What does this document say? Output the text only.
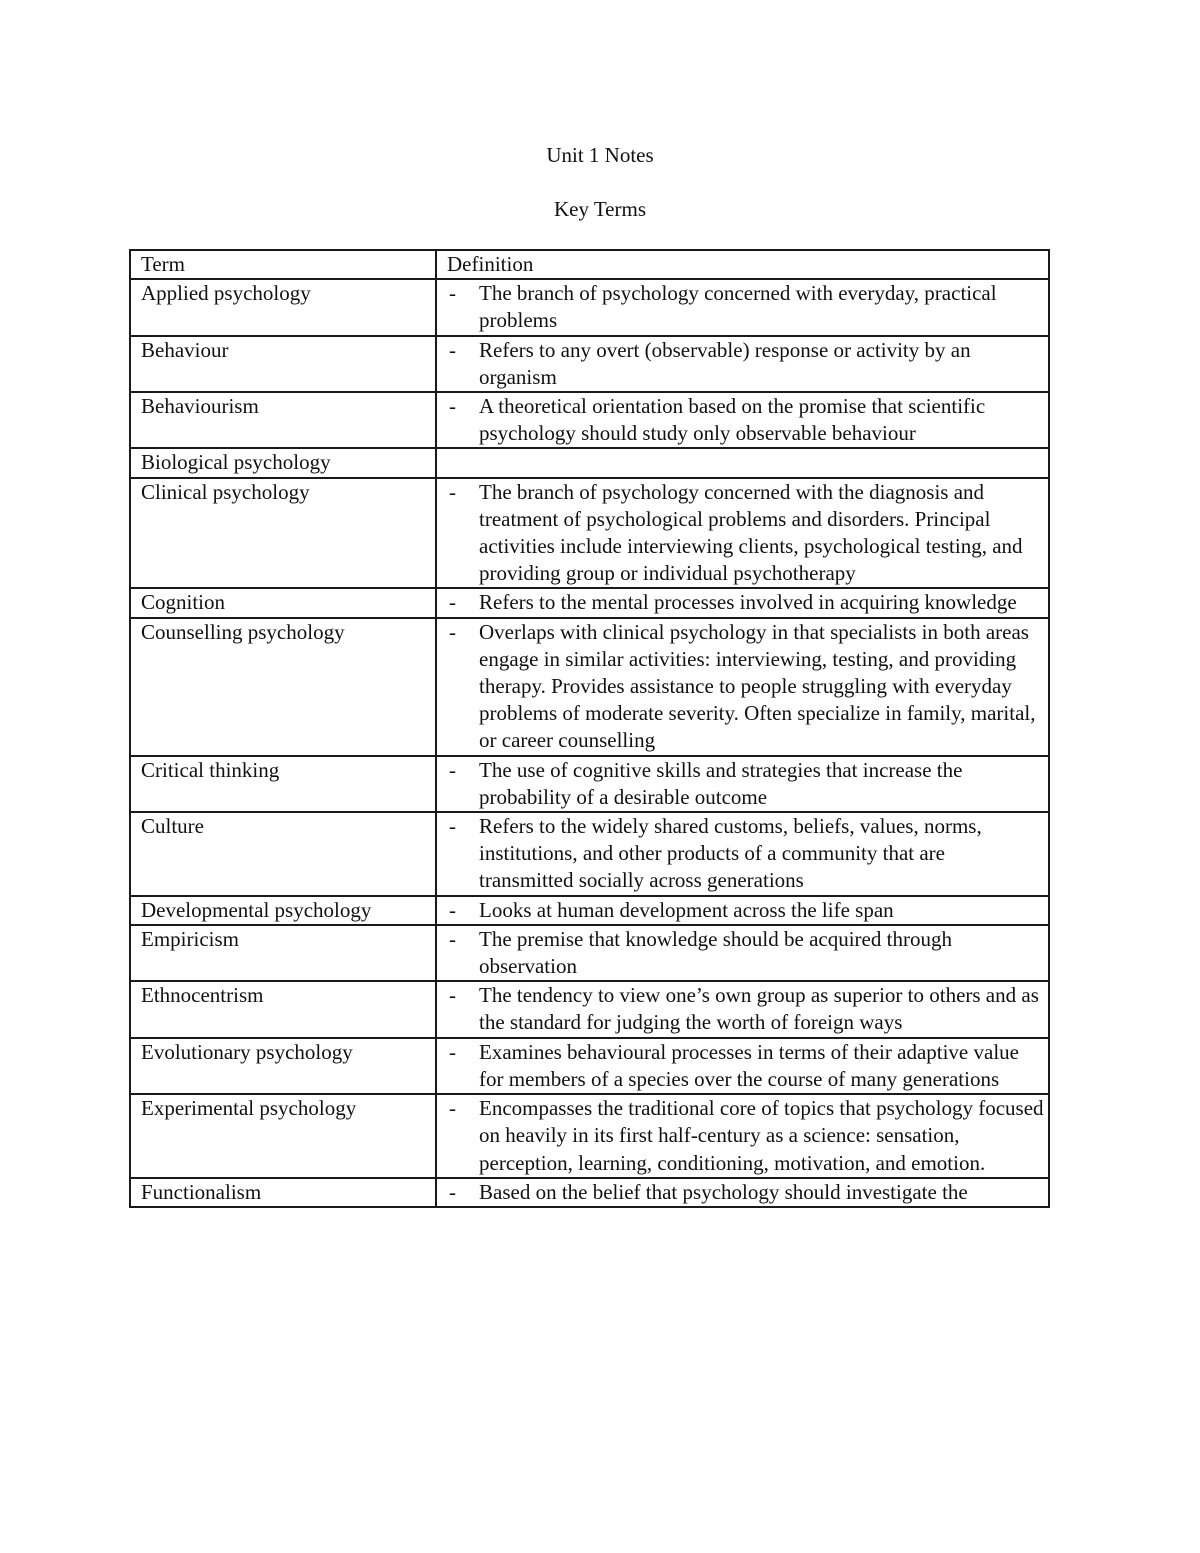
Unit 1 Notes
Key Terms
Term	Definition
Applied psychology	- The branch of psychology concerned with everyday, practical problems

Behaviour	- Refers to any overt (observable) response or activity by an organism

Behaviourism	- A theoretical orientation based on the promise that scientific psychology should study only observable behaviour

Biological psychology	
Clinical psychology	- The branch of psychology concerned with the diagnosis and treatment of psychological problems and disorders. Principal activities include interviewing clients, psychological testing, and providing group or individual psychotherapy

Cognition	- Refers to the mental processes involved in acquiring knowledge

Counselling psychology	- Overlaps with clinical psychology in that specialists in both areas engage in similar activities: interviewing, testing, and providing therapy. Provides assistance to people struggling with everyday problems of moderate severity. Often specialize in family, marital, or career counselling

Critical thinking	- The use of cognitive skills and strategies that increase the probability of a desirable outcome

Culture	- Refers to the widely shared customs, beliefs, values, norms, institutions, and other products of a community that are transmitted socially across generations

Developmental psychology	- Looks at human development across the life span

Empiricism	- The premise that knowledge should be acquired through observation

Ethnocentrism	- The tendency to view one’s own group as superior to others and as the standard for judging the worth of foreign ways

Evolutionary psychology	- Examines behavioural processes in terms of their adaptive value for members of a species over the course of many generations

Experimental psychology	- Encompasses the traditional core of topics that psychology focused on heavily in its first half-century as a science: sensation, perception, learning, conditioning, motivation, and emotion.

Functionalism	- Based on the belief that psychology should investigate the
